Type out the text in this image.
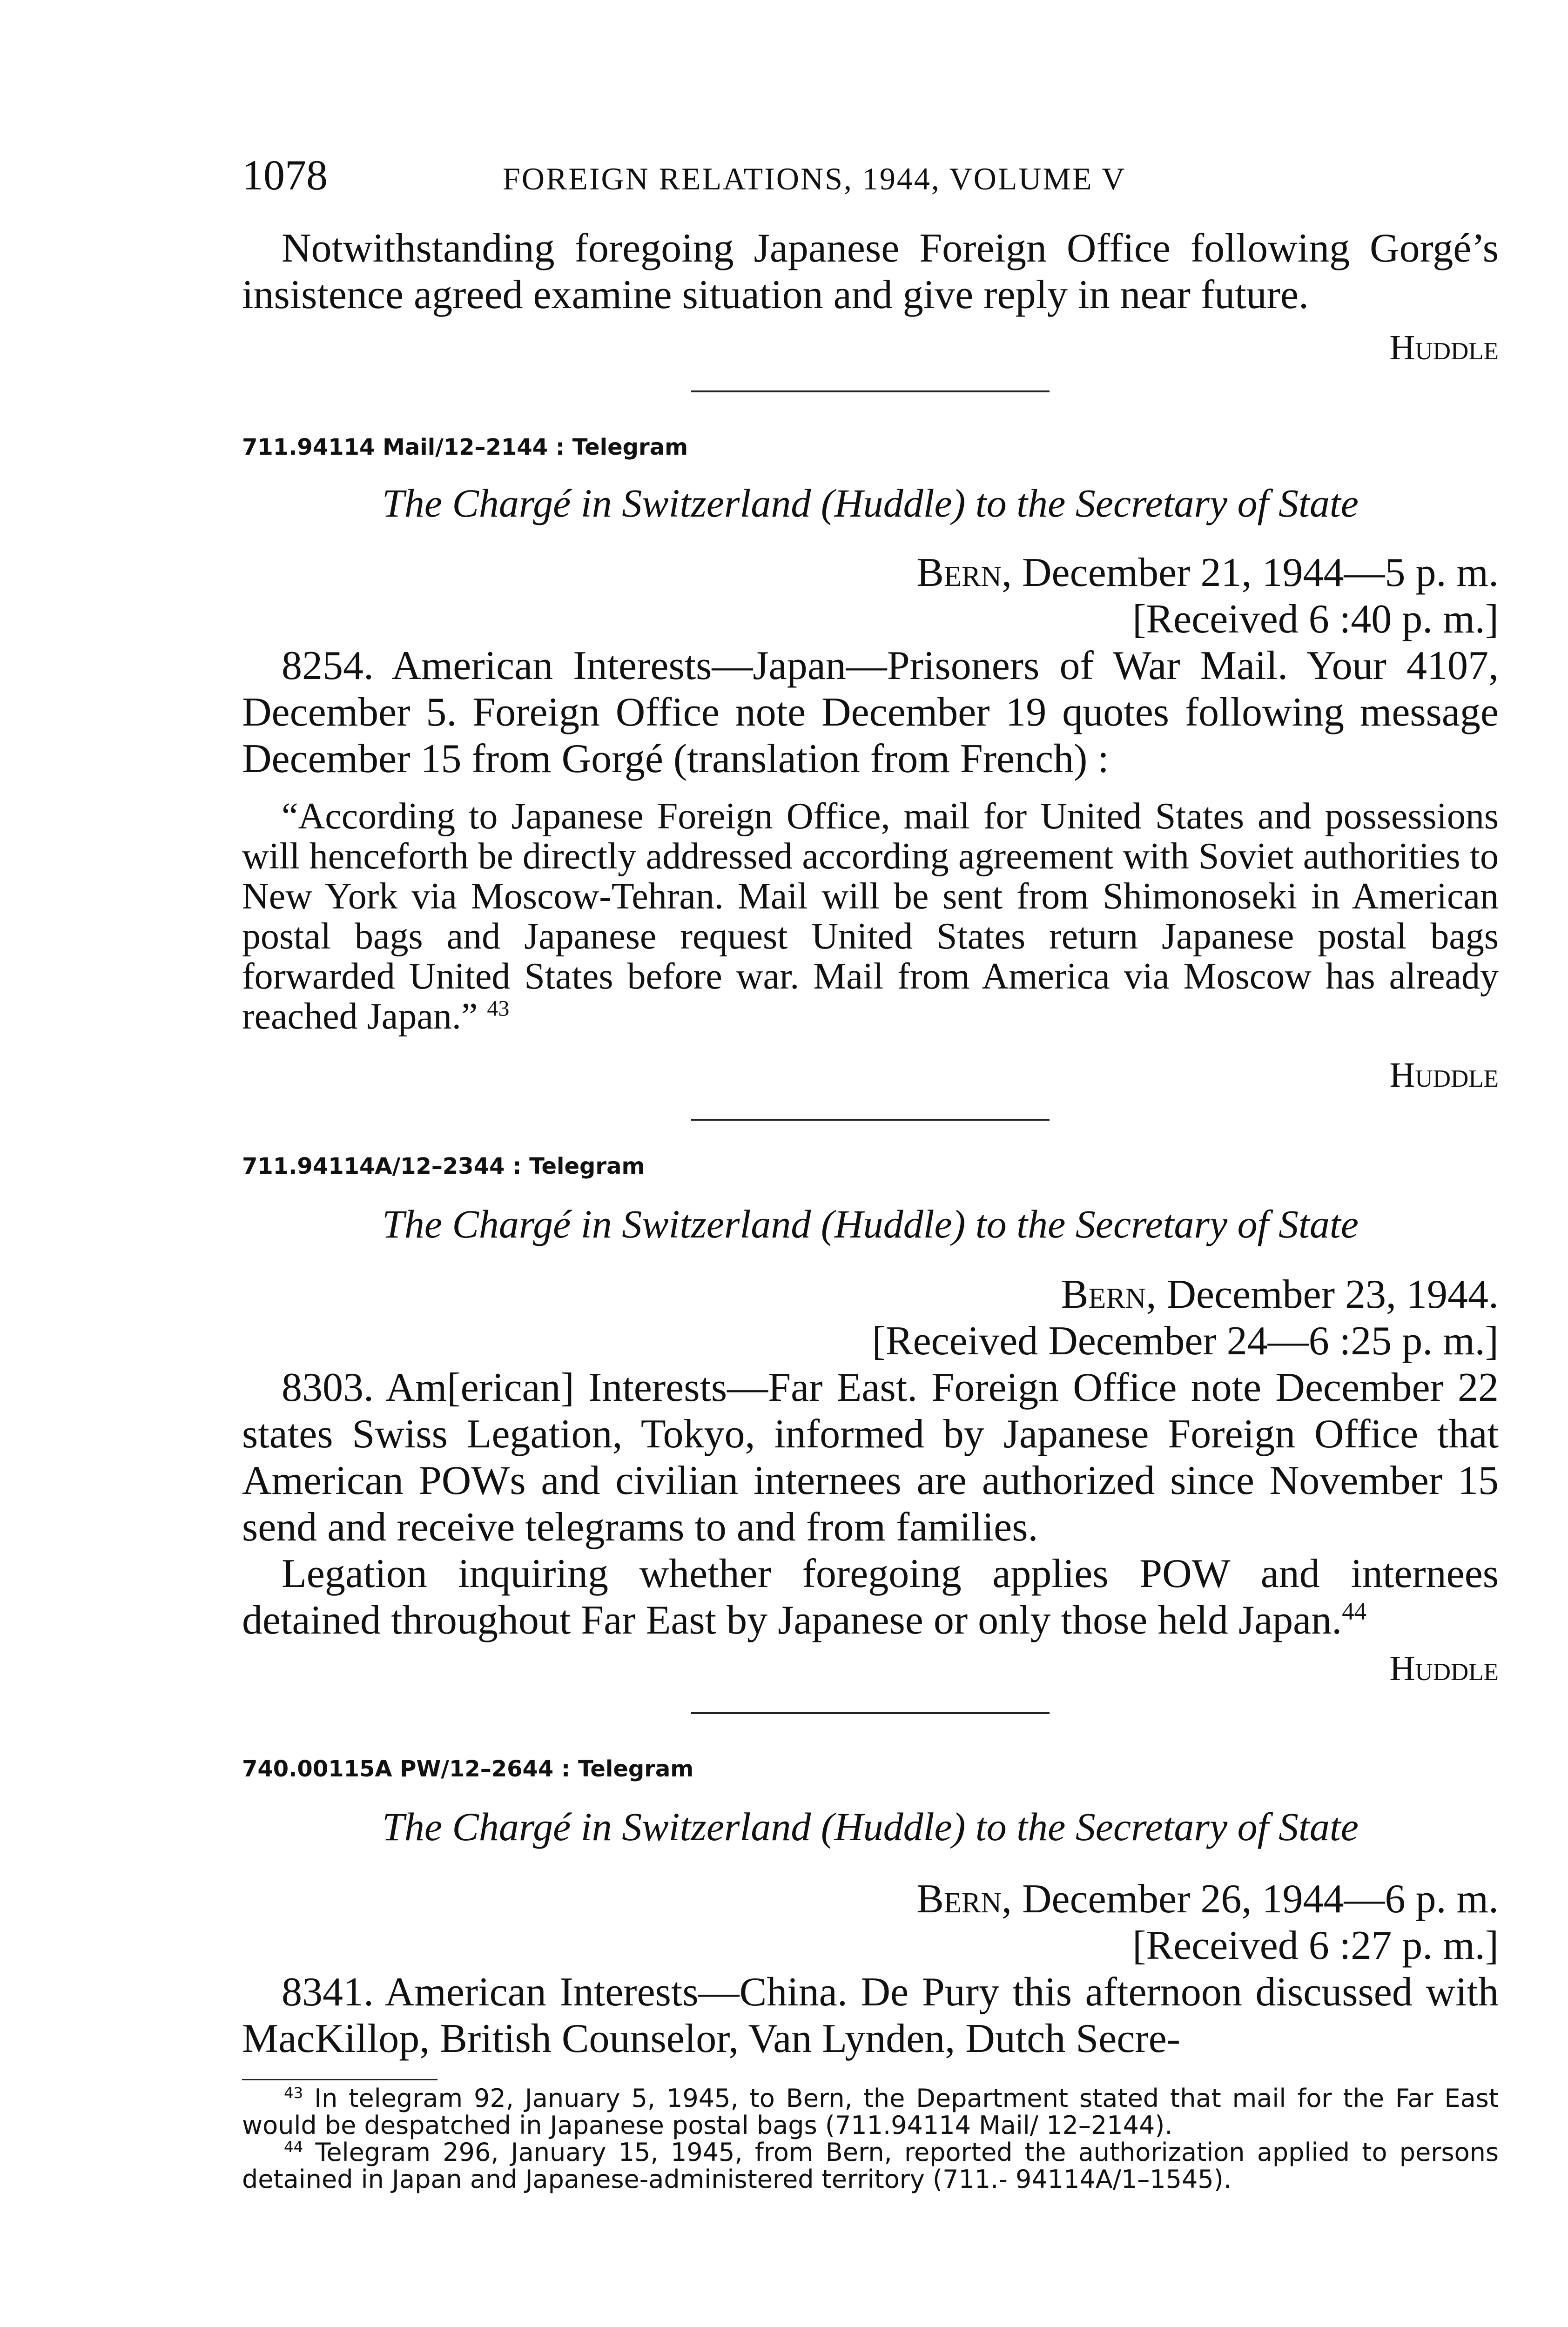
1078	FOREIGN RELATIONS, 1944, VOLUME V

Notwithstanding foregoing Japanese Foreign Office following Gorgé’s insistence agreed examine situation and give reply in near future.

Huddle
711.94114 Mail/12–2144 : Telegram
The Chargé in Switzerland (Huddle) to the Secretary of State
Bern, December 21, 1944—5 p. m.
[Received 6 :40 p. m.]

8254. American Interests—Japan—Prisoners of War Mail. Your 4107, December 5. Foreign Office note December 19 quotes following message December 15 from Gorgé (translation from French) :

“According to Japanese Foreign Office, mail for United States and possessions will henceforth be directly addressed according agreement with Soviet authorities to New York via Moscow-Tehran. Mail will be sent from Shimonoseki in American postal bags and Japanese request United States return Japanese postal bags forwarded United States before war. Mail from America via Moscow has already reached Japan.” $^{43}$

Huddle
711.94114A/12–2344 : Telegram
The Chargé in Switzerland (Huddle) to the Secretary of State
Bern, December 23, 1944.
[Received December 24—6 :25 p. m.]

8303. Am[erican] Interests—Far East. Foreign Office note December 22 states Swiss Legation, Tokyo, informed by Japanese Foreign Office that American POWs and civilian internees are authorized since November 15 send and receive telegrams to and from families.

Legation inquiring whether foregoing applies POW and internees detained throughout Far East by Japanese or only those held Japan.$^{44}$

Huddle
740.00115A PW/12–2644 : Telegram
The Chargé in Switzerland (Huddle) to the Secretary of State
Bern, December 26, 1944—6 p. m.
[Received 6 :27 p. m.]

8341. American Interests—China. De Pury this afternoon discussed with MacKillop, British Counselor, Van Lynden, Dutch Secre-

$^{43}$ In telegram 92, January 5, 1945, to Bern, the Department stated that mail for the Far East would be despatched in Japanese postal bags (711.94114 Mail/ 12–2144).

$^{44}$ Telegram 296, January 15, 1945, from Bern, reported the authorization applied to persons detained in Japan and Japanese-administered territory (711.- 94114A/1–1545).
